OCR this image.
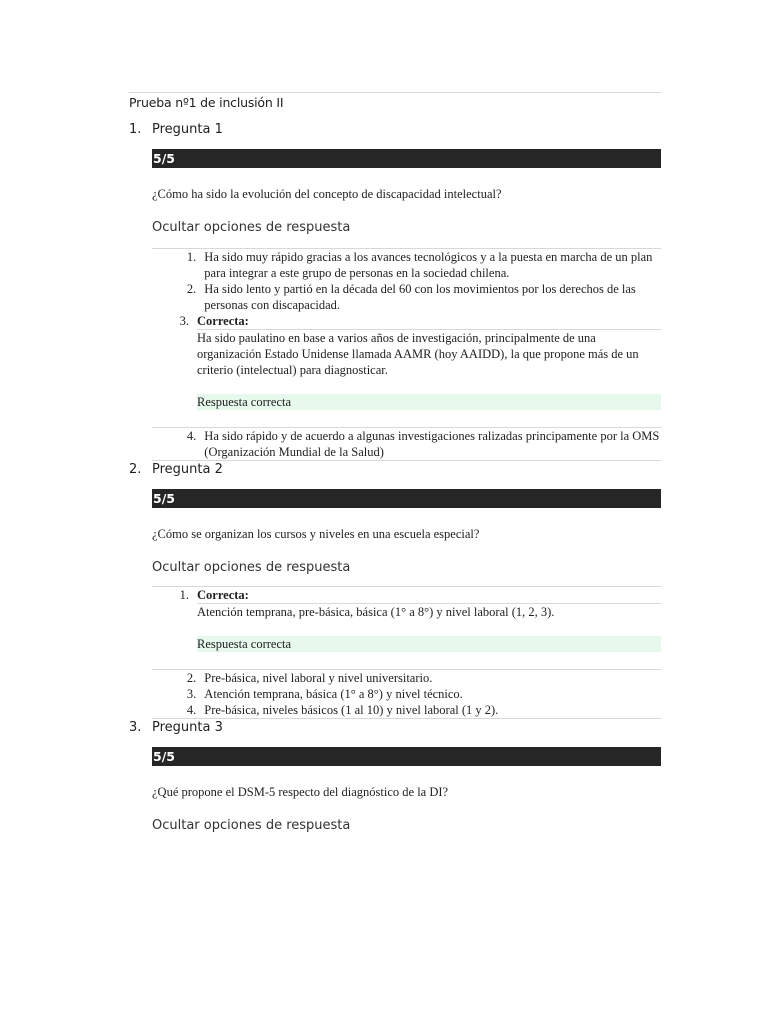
Prueba nº1 de inclusión II
1. Pregunta 1
5/5
¿Cómo ha sido la evolución del concepto de discapacidad intelectual?
Ocultar opciones de respuesta
1. Ha sido muy rápido gracias a los avances tecnológicos y a la puesta en marcha de un plan para integrar a este grupo de personas en la sociedad chilena.
2. Ha sido lento y partió en la década del 60 con los movimientos por los derechos de las personas con discapacidad.
3. Correcta:
Ha sido paulatino en base a varios años de investigación, principalmente de una organización Estado Unidense llamada AAMR (hoy AAIDD), la que propone más de un criterio (intelectual) para diagnosticar.
Respuesta correcta
4. Ha sido rápido y de acuerdo a algunas investigaciones ralizadas principamente por la OMS (Organización Mundial de la Salud)
2. Pregunta 2
5/5
¿Cómo se organizan los cursos y niveles en una escuela especial?
Ocultar opciones de respuesta
1. Correcta:
Atención temprana, pre-básica, básica (1° a 8°) y nivel laboral (1, 2, 3).
Respuesta correcta
2. Pre-básica, nivel laboral y nivel universitario.
3. Atención temprana, básica (1° a 8°) y nivel técnico.
4. Pre-básica, niveles básicos (1 al 10) y nivel laboral (1 y 2).
3. Pregunta 3
5/5
¿Qué propone el DSM-5 respecto del diagnóstico de la DI?
Ocultar opciones de respuesta
